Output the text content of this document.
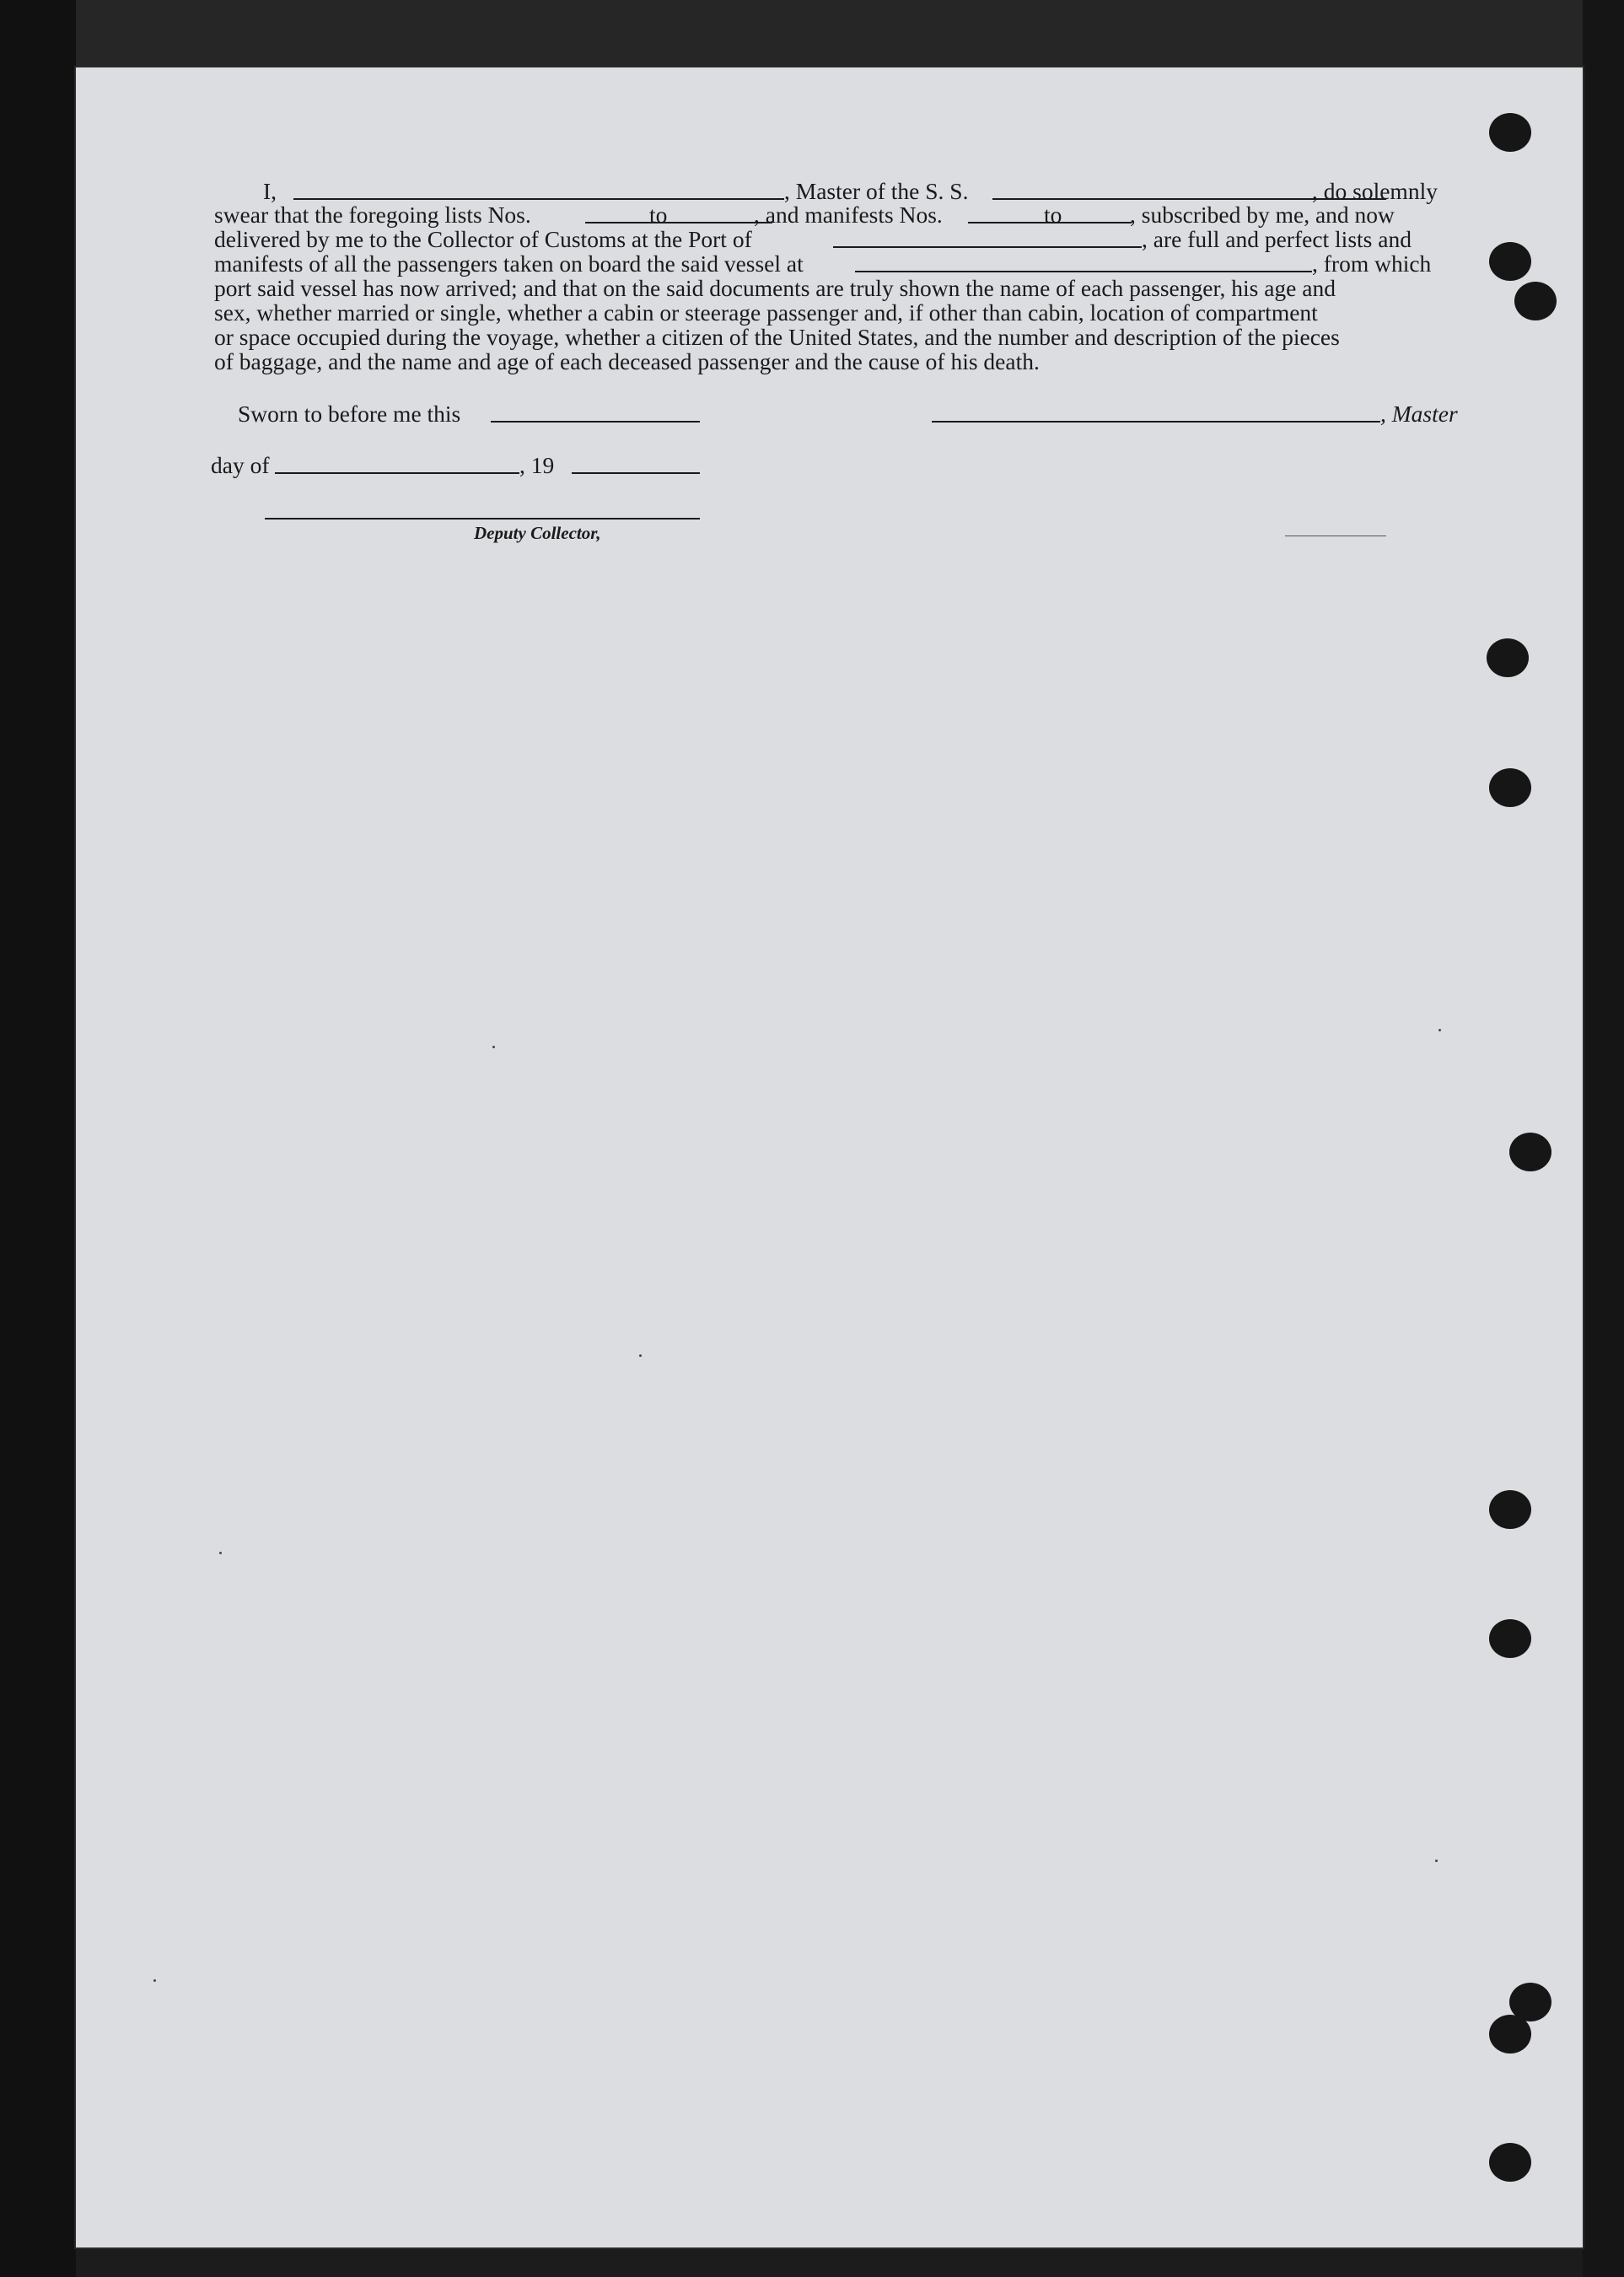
I,	, Master of the S. S.	, do solemnly
swear that the foregoing lists Nos.	to	, and manifests Nos.	to	, subscribed by me, and now
delivered by me to the Collector of Customs at the Port of	, are full and perfect lists and
manifests of all the passengers taken on board the said vessel at	, from which
port said vessel has now arrived; and that on the said documents are truly shown the name of each passenger, his age and
sex, whether married or single, whether a cabin or steerage passenger and, if other than cabin, location of compartment
or space occupied during the voyage, whether a citizen of the United States, and the number and description of the pieces
of baggage, and the name and age of each deceased passenger and the cause of his death.
Sworn to before me this	, Master
day of	, 19
Deputy Collector,
